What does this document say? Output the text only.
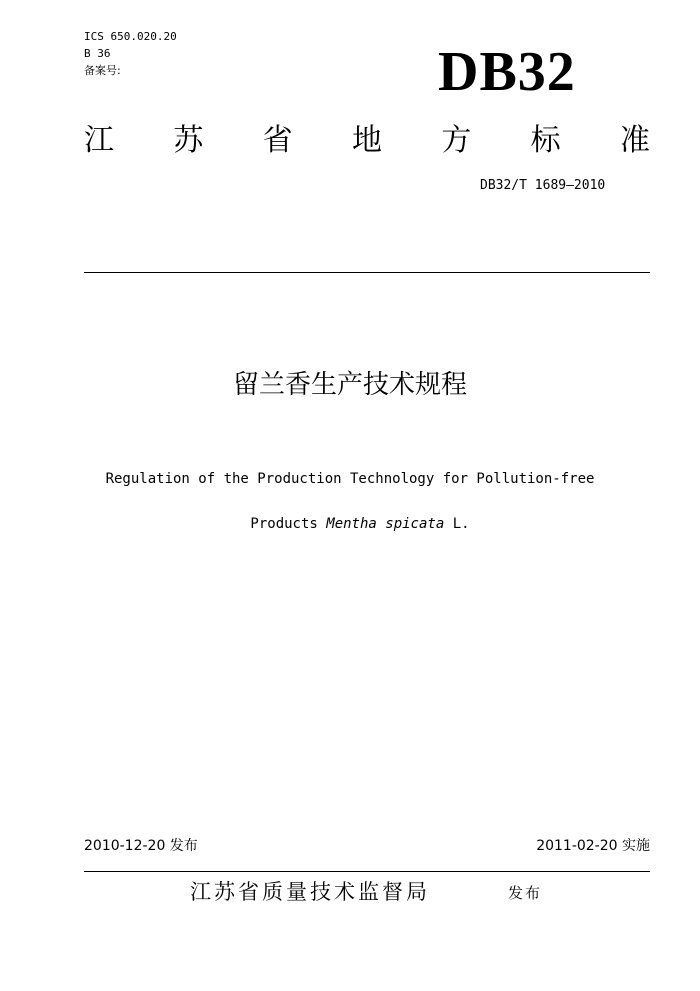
ICS 650.020.20
B 36
备案号:	DB32
江 苏 省 地 方 标 准
DB32/T 1689—2010
留兰香生产技术规程
Regulation of the Production Technology for Pollution-free
Products Mentha spicata L.
2010-12-20 发布	2011-02-20 实施
江苏省质量技术监督局	发布
